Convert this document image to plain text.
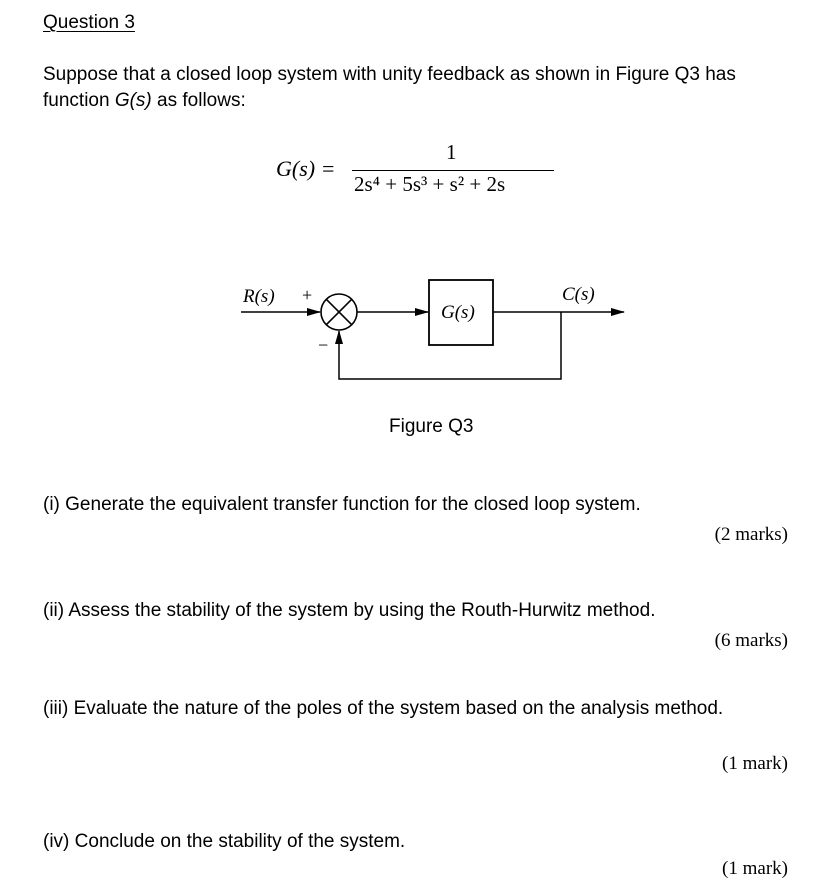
Question 3
Suppose that a closed loop system with unity feedback as shown in Figure Q3 has function G(s) as follows:
G(s) =
1
2s⁴ + 5s³ + s² + 2s
R(s) +
−
G(s)
C(s)
Figure Q3
(i) Generate the equivalent transfer function for the closed loop system.
(2 marks)
(ii) Assess the stability of the system by using the Routh-Hurwitz method.
(6 marks)
(iii) Evaluate the nature of the poles of the system based on the analysis method.
(1 mark)
(iv) Conclude on the stability of the system.
(1 mark)
